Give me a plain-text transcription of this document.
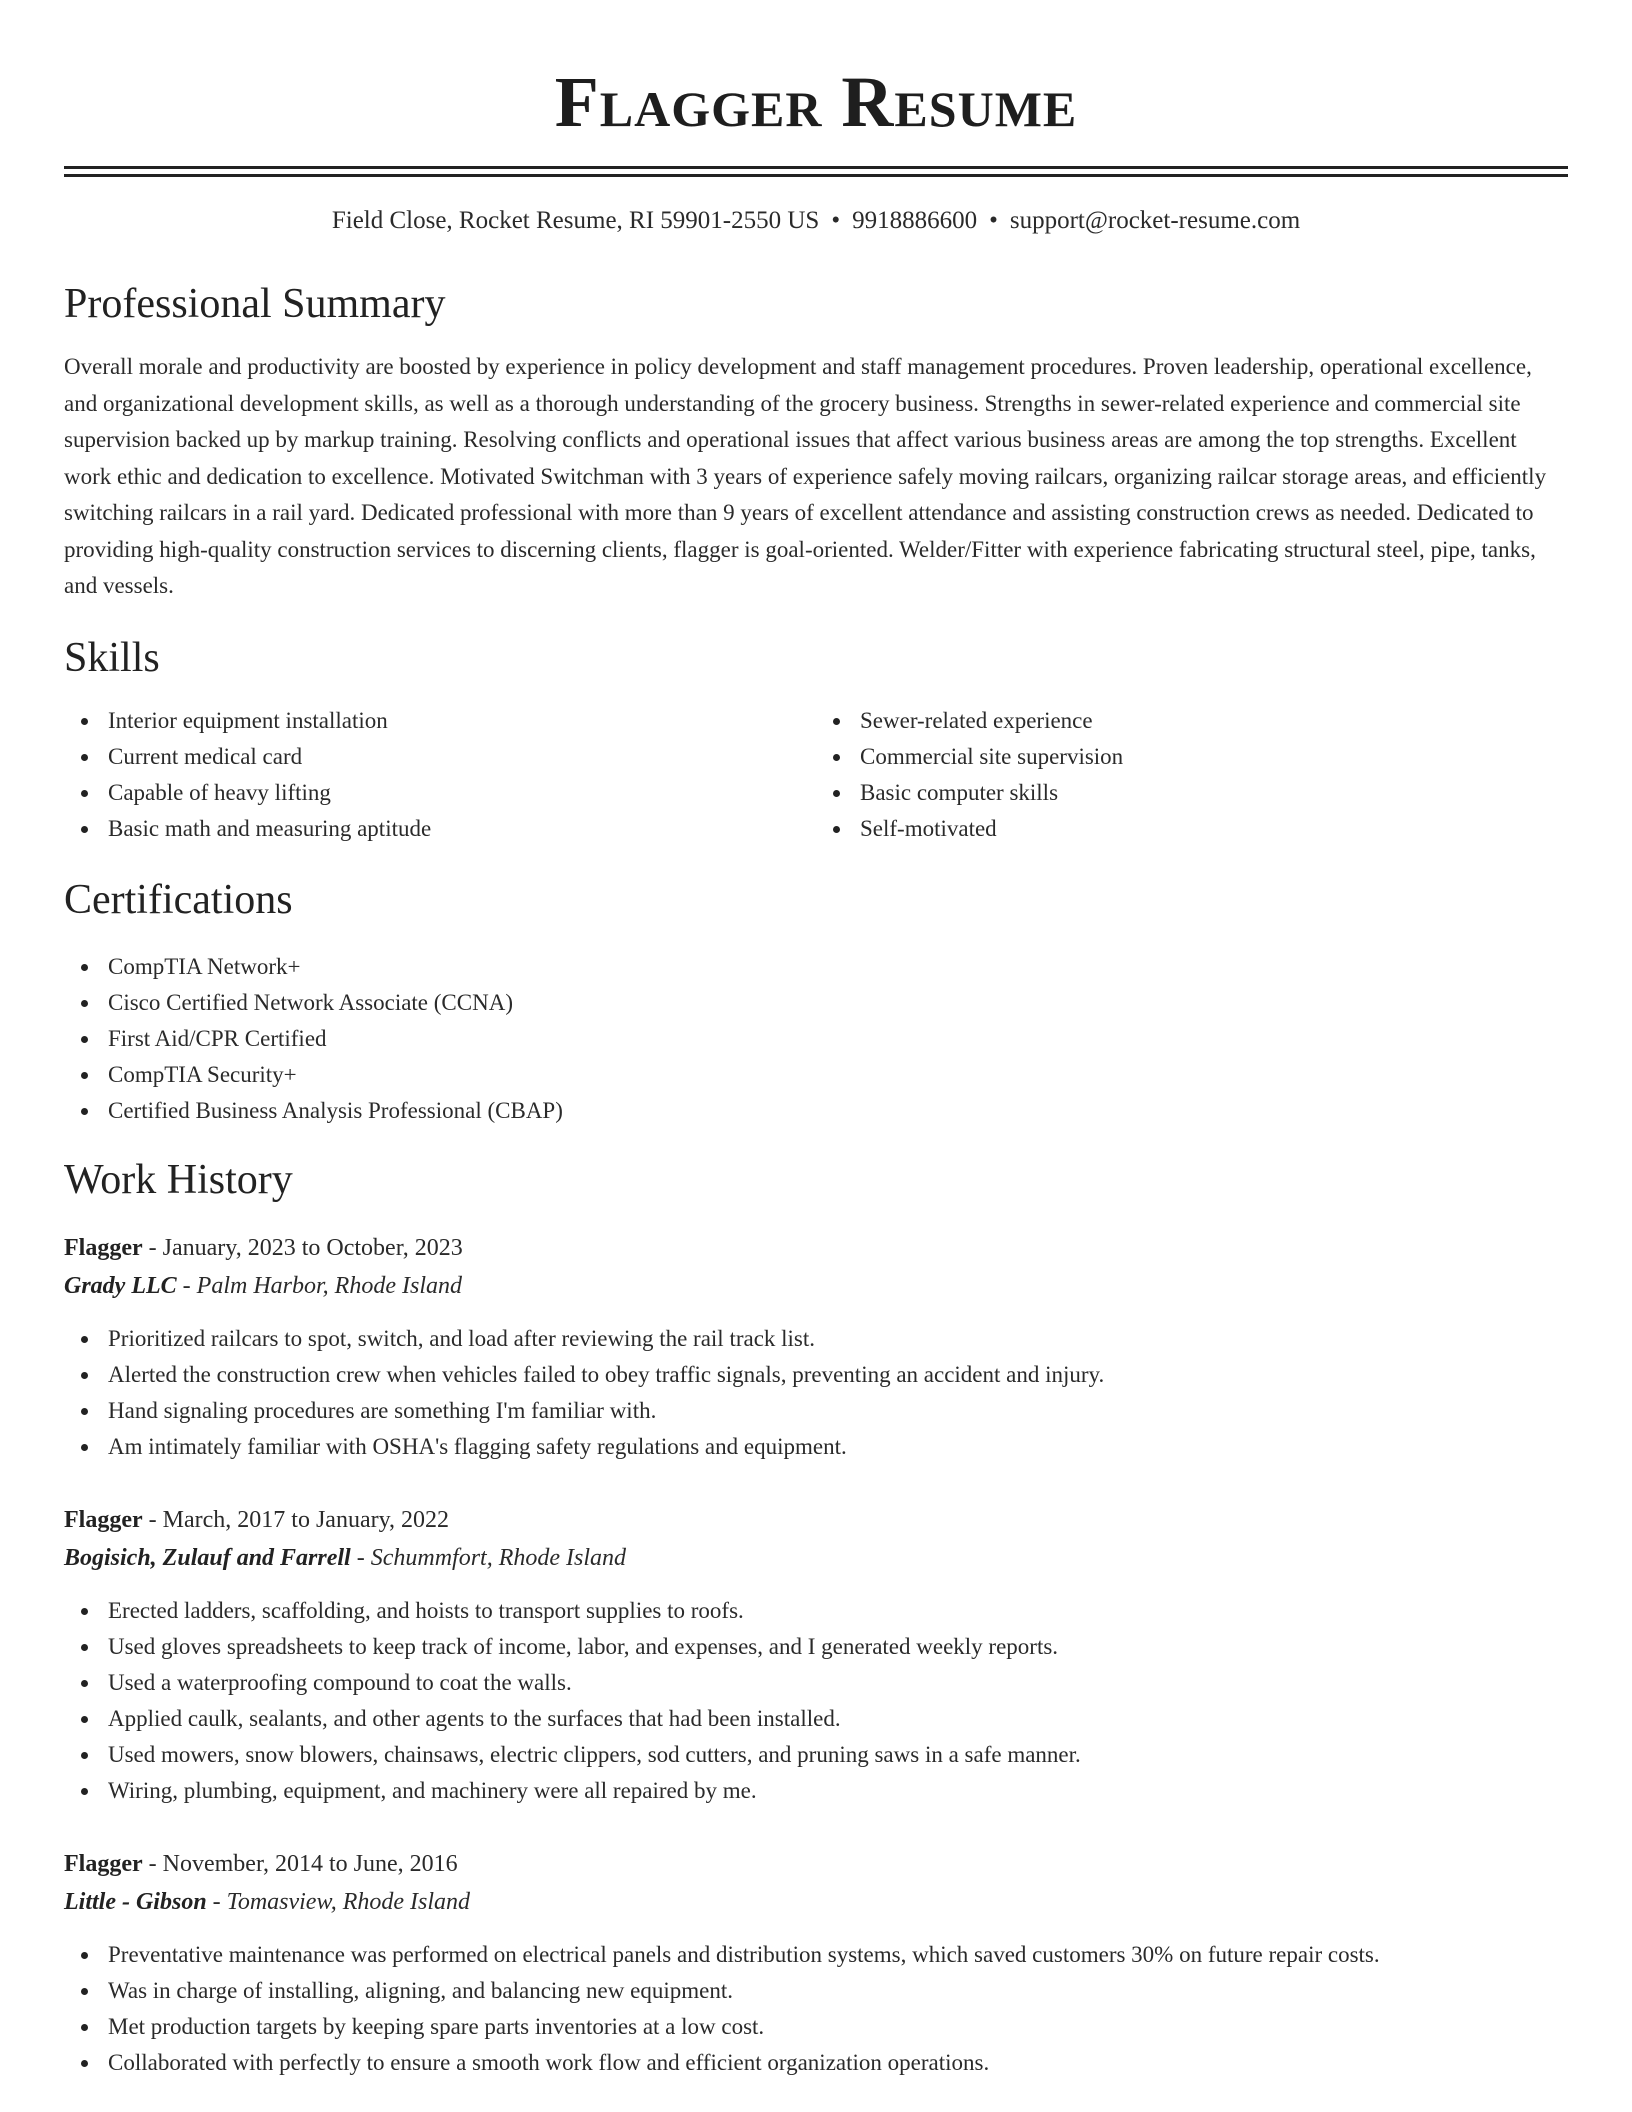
Flagger Resume
Field Close, Rocket Resume, RI 59901-2550 US • 9918886600 • support@rocket-resume.com
Professional Summary

Overall morale and productivity are boosted by experience in policy development and staff management procedures. Proven leadership, operational excellence, and organizational development skills, as well as a thorough understanding of the grocery business. Strengths in sewer-related experience and commercial site supervision backed up by markup training. Resolving conflicts and operational issues that affect various business areas are among the top strengths. Excellent work ethic and dedication to excellence. Motivated Switchman with 3 years of experience safely moving railcars, organizing railcar storage areas, and efficiently switching railcars in a rail yard. Dedicated professional with more than 9 years of excellent attendance and assisting construction crews as needed. Dedicated to providing high-quality construction services to discerning clients, flagger is goal-oriented. Welder/Fitter with experience fabricating structural steel, pipe, tanks, and vessels.

Skills
Interior equipment installation
Current medical card
Capable of heavy lifting
Basic math and measuring aptitude
Sewer-related experience
Commercial site supervision
Basic computer skills
Self-motivated
Certifications
CompTIA Network+
Cisco Certified Network Associate (CCNA)
First Aid/CPR Certified
CompTIA Security+
Certified Business Analysis Professional (CBAP)
Work History
Flagger - January, 2023 to October, 2023
Grady LLC - Palm Harbor, Rhode Island
Prioritized railcars to spot, switch, and load after reviewing the rail track list.
Alerted the construction crew when vehicles failed to obey traffic signals, preventing an accident and injury.
Hand signaling procedures are something I'm familiar with.
Am intimately familiar with OSHA's flagging safety regulations and equipment.
Flagger - March, 2017 to January, 2022
Bogisich, Zulauf and Farrell - Schummfort, Rhode Island
Erected ladders, scaffolding, and hoists to transport supplies to roofs.
Used gloves spreadsheets to keep track of income, labor, and expenses, and I generated weekly reports.
Used a waterproofing compound to coat the walls.
Applied caulk, sealants, and other agents to the surfaces that had been installed.
Used mowers, snow blowers, chainsaws, electric clippers, sod cutters, and pruning saws in a safe manner.
Wiring, plumbing, equipment, and machinery were all repaired by me.
Flagger - November, 2014 to June, 2016
Little - Gibson - Tomasview, Rhode Island
Preventative maintenance was performed on electrical panels and distribution systems, which saved customers 30% on future repair costs.
Was in charge of installing, aligning, and balancing new equipment.
Met production targets by keeping spare parts inventories at a low cost.
Collaborated with perfectly to ensure a smooth work flow and efficient organization operations.
